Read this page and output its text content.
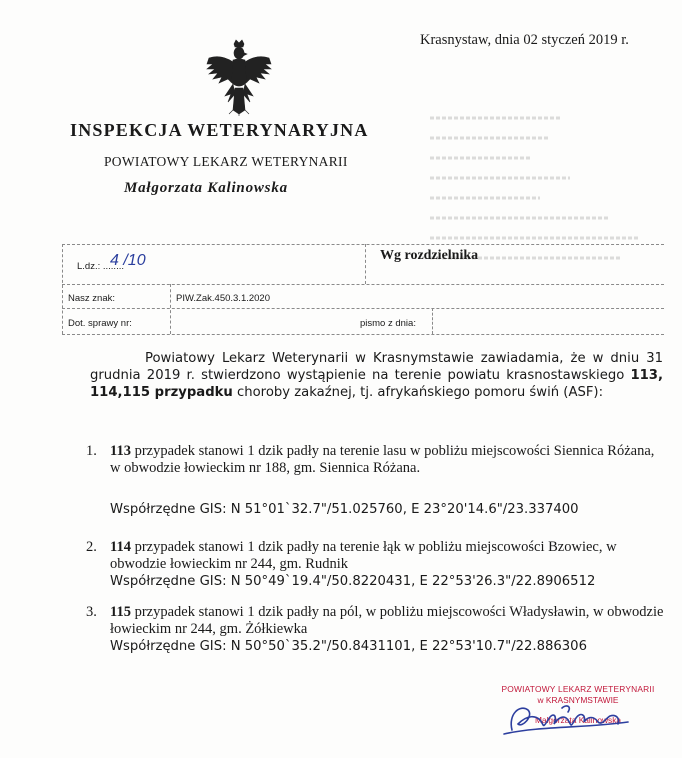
Krasnystaw, dnia 02 styczeń 2019 r.
INSPEKCJA WETERYNARYJNA
POWIATOWY LEKARZ WETERYNARII
Małgorzata Kalinowska
L.dz.: ........
4 /10	Wg rozdzielnika
Nasz znak:	PIW.Zak.450.3.1.2020
Dot. sprawy nr:	pismo z dnia:
Powiatowy Lekarz Weterynarii w Krasnymstawie zawiadamia, że w dniu 31 grudnia 2019 r. stwierdzono wystąpienie na terenie powiatu krasnostawskiego 113, 114,115 przypadku choroby zakaźnej, tj. afrykańskiego pomoru świń (ASF):
1. 113 przypadek stanowi 1 dzik padły na terenie lasu w pobliżu miejscowości Siennica Różana, w obwodzie łowieckim nr 188, gm. Siennica Różana.
Współrzędne GIS: N 51°01`32.7"/51.025760, E 23°20'14.6"/23.337400
2. 114 przypadek stanowi 1 dzik padły na terenie łąk w pobliżu miejscowości Bzowiec, w obwodzie łowieckim nr 244, gm. Rudnik
Współrzędne GIS: N 50°49`19.4"/50.8220431, E 22°53'26.3"/22.8906512
3. 115 przypadek stanowi 1 dzik padły na pól, w pobliżu miejscowości Władysławin, w obwodzie łowieckim nr 244, gm. Żółkiewka
Współrzędne GIS: N 50°50`35.2"/50.8431101, E 22°53'10.7"/22.886306
POWIATOWY LEKARZ WETERYNARII
w KRASNYMSTAWIE
Małgorzata Kalinowska
